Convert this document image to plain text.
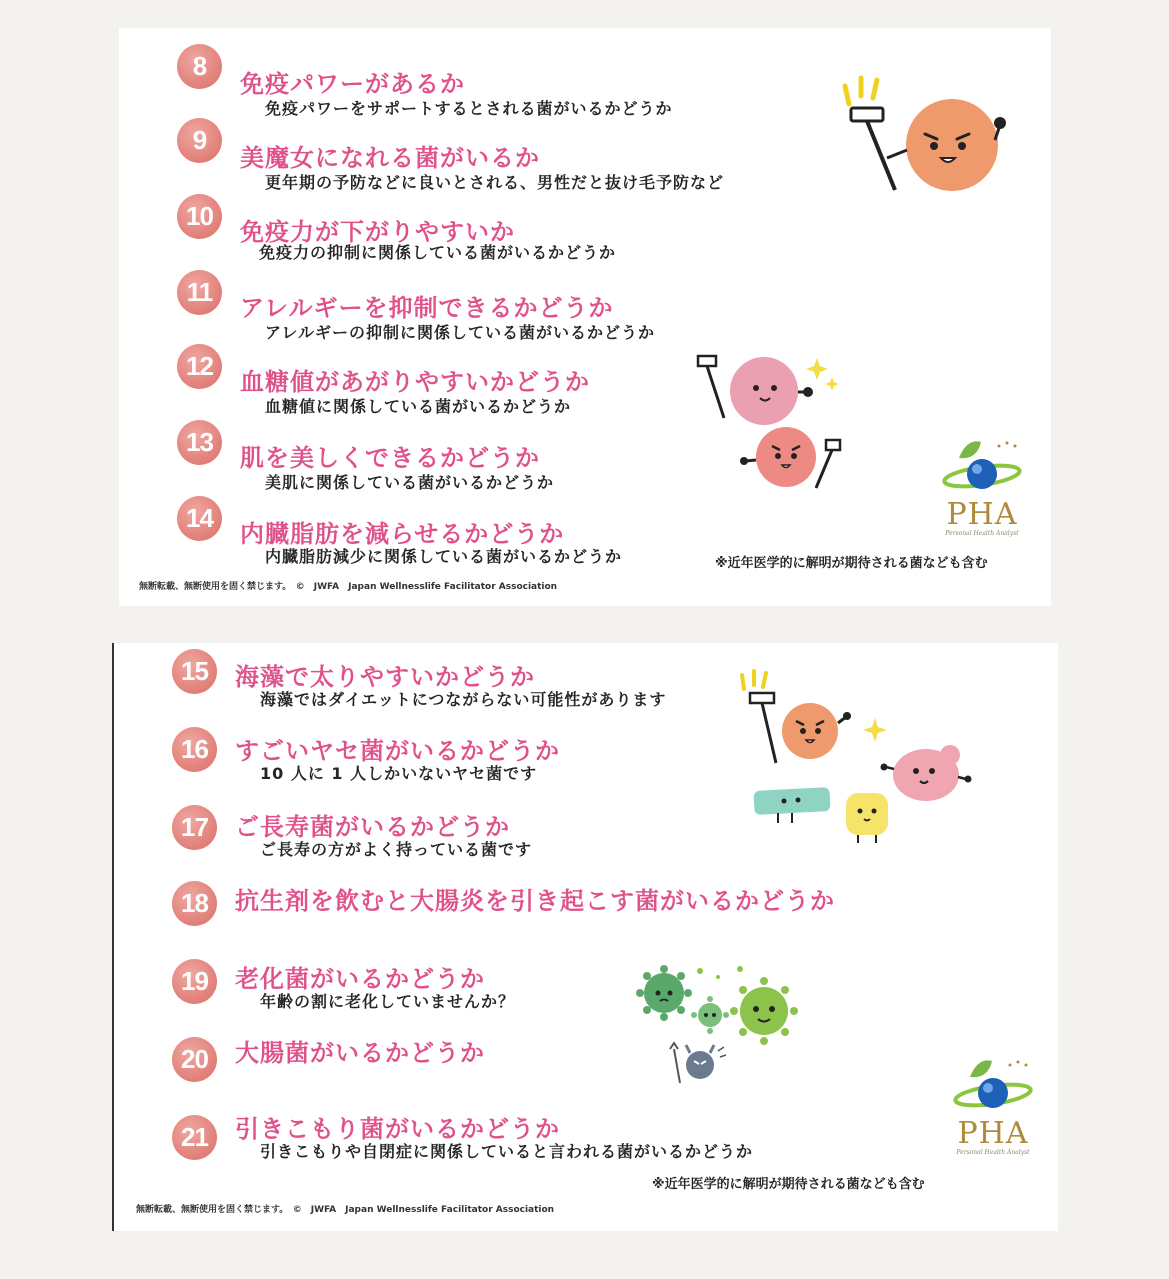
8
免疫パワーがあるか
免疫パワーをサポートするとされる菌がいるかどうか
9
美魔女になれる菌がいるか
更年期の予防などに良いとされる、男性だと抜け毛予防など
10
免疫力が下がりやすいか
免疫力の抑制に関係している菌がいるかどうか
11
アレルギーを抑制できるかどうか
アレルギーの抑制に関係している菌がいるかどうか
12
血糖値があがりやすいかどうか
血糖値に関係している菌がいるかどうか
13
肌を美しくできるかどうか
美肌に関係している菌がいるかどうか
14
内臓脂肪を減らせるかどうか
内臓脂肪減少に関係している菌がいるかどうか
PHA
Personal Health Analyst
※近年医学的に解明が期待される菌なども含む
無断転載、無断使用を固く禁じます。　©　JWFA　Japan Wellnesslife Facilitator Association
15	海藻で太りやすいかどうか
海藻ではダイエットにつながらない可能性があります
16	すごいヤセ菌がいるかどうか
10 人に 1 人しかいないヤセ菌です
17	ご長寿菌がいるかどうか
ご長寿の方がよく持っている菌です
18	抗生剤を飲むと大腸炎を引き起こす菌がいるかどうか
19	老化菌がいるかどうか
年齢の割に老化していませんか？
20	大腸菌がいるかどうか
21	引きこもり菌がいるかどうか
引きこもりや自閉症に関係していると言われる菌がいるかどうか
PHA
Personal Health Analyst
※近年医学的に解明が期待される菌なども含む
無断転載、無断使用を固く禁じます。　©　JWFA　Japan Wellnesslife Facilitator Association
